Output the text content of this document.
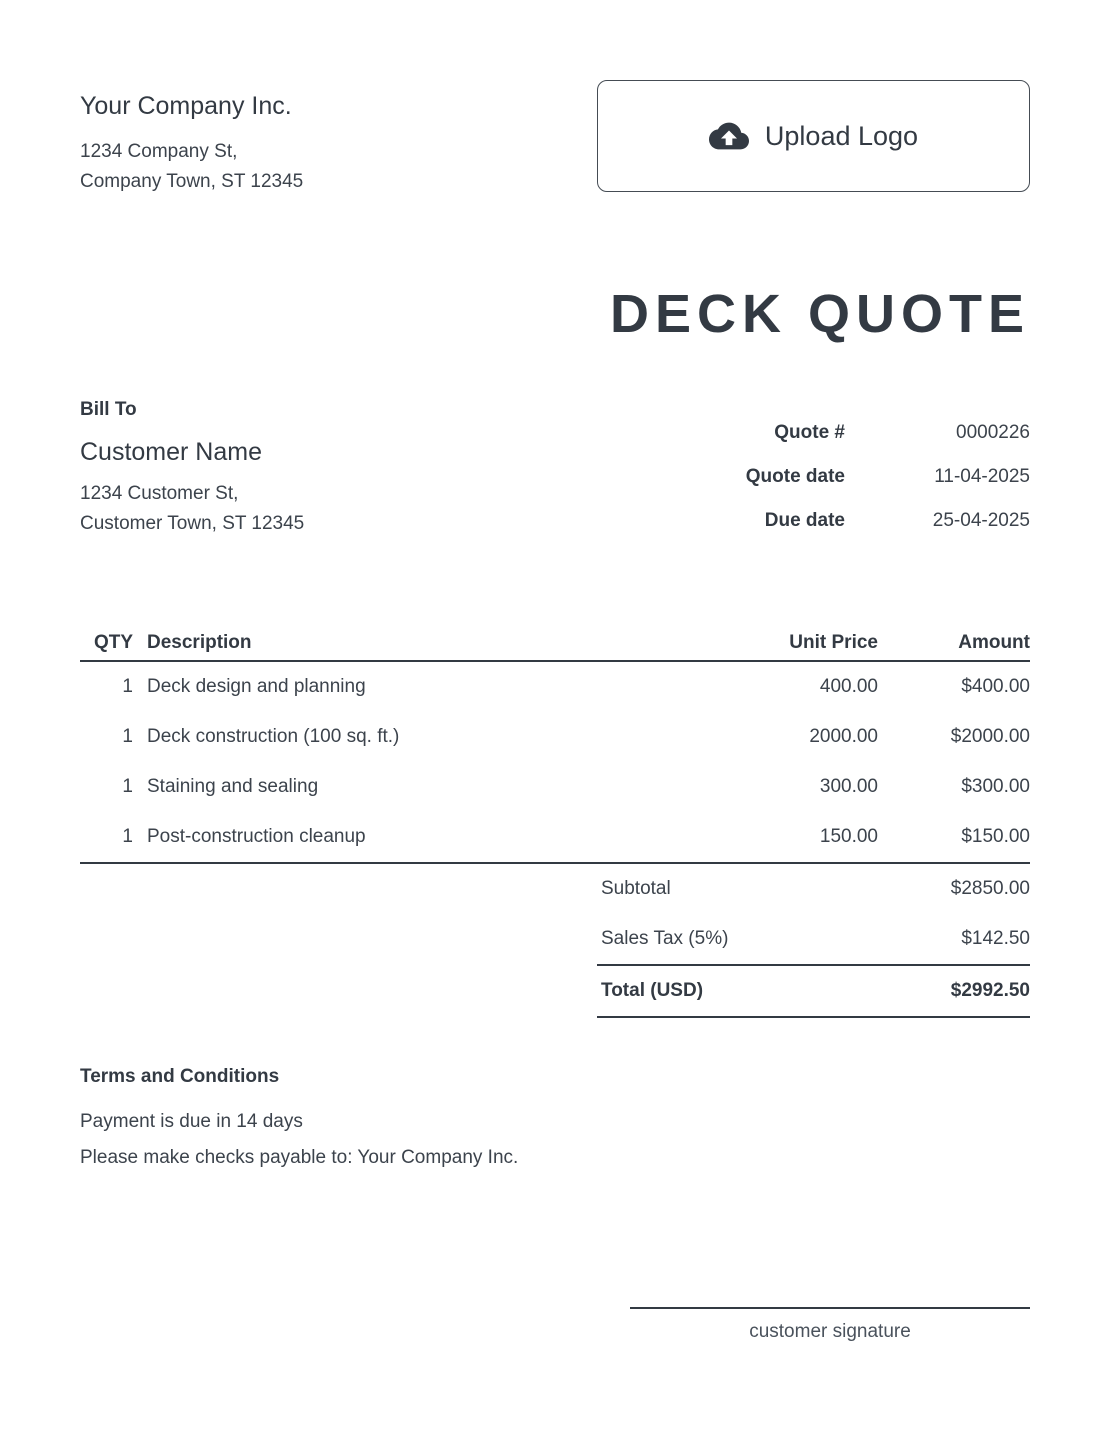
Your Company Inc.
1234 Company St,
Company Town, ST 12345
Upload Logo
DECK QUOTE
Bill To
Customer Name
1234 Customer St,
Customer Town, ST 12345
Quote #	0000226
Quote date	11-04-2025
Due date	25-04-2025
QTY Description	Unit Price	Amount
1 Deck design and planning	400.00	$400.00
1 Deck construction (100 sq. ft.)	2000.00	$2000.00
1 Staining and sealing	300.00	$300.00
1 Post-construction cleanup	150.00	$150.00
Subtotal	$2850.00
Sales Tax (5%)	$142.50
Total (USD)	$2992.50
Terms and Conditions
Payment is due in 14 days
Please make checks payable to: Your Company Inc.
customer signature
